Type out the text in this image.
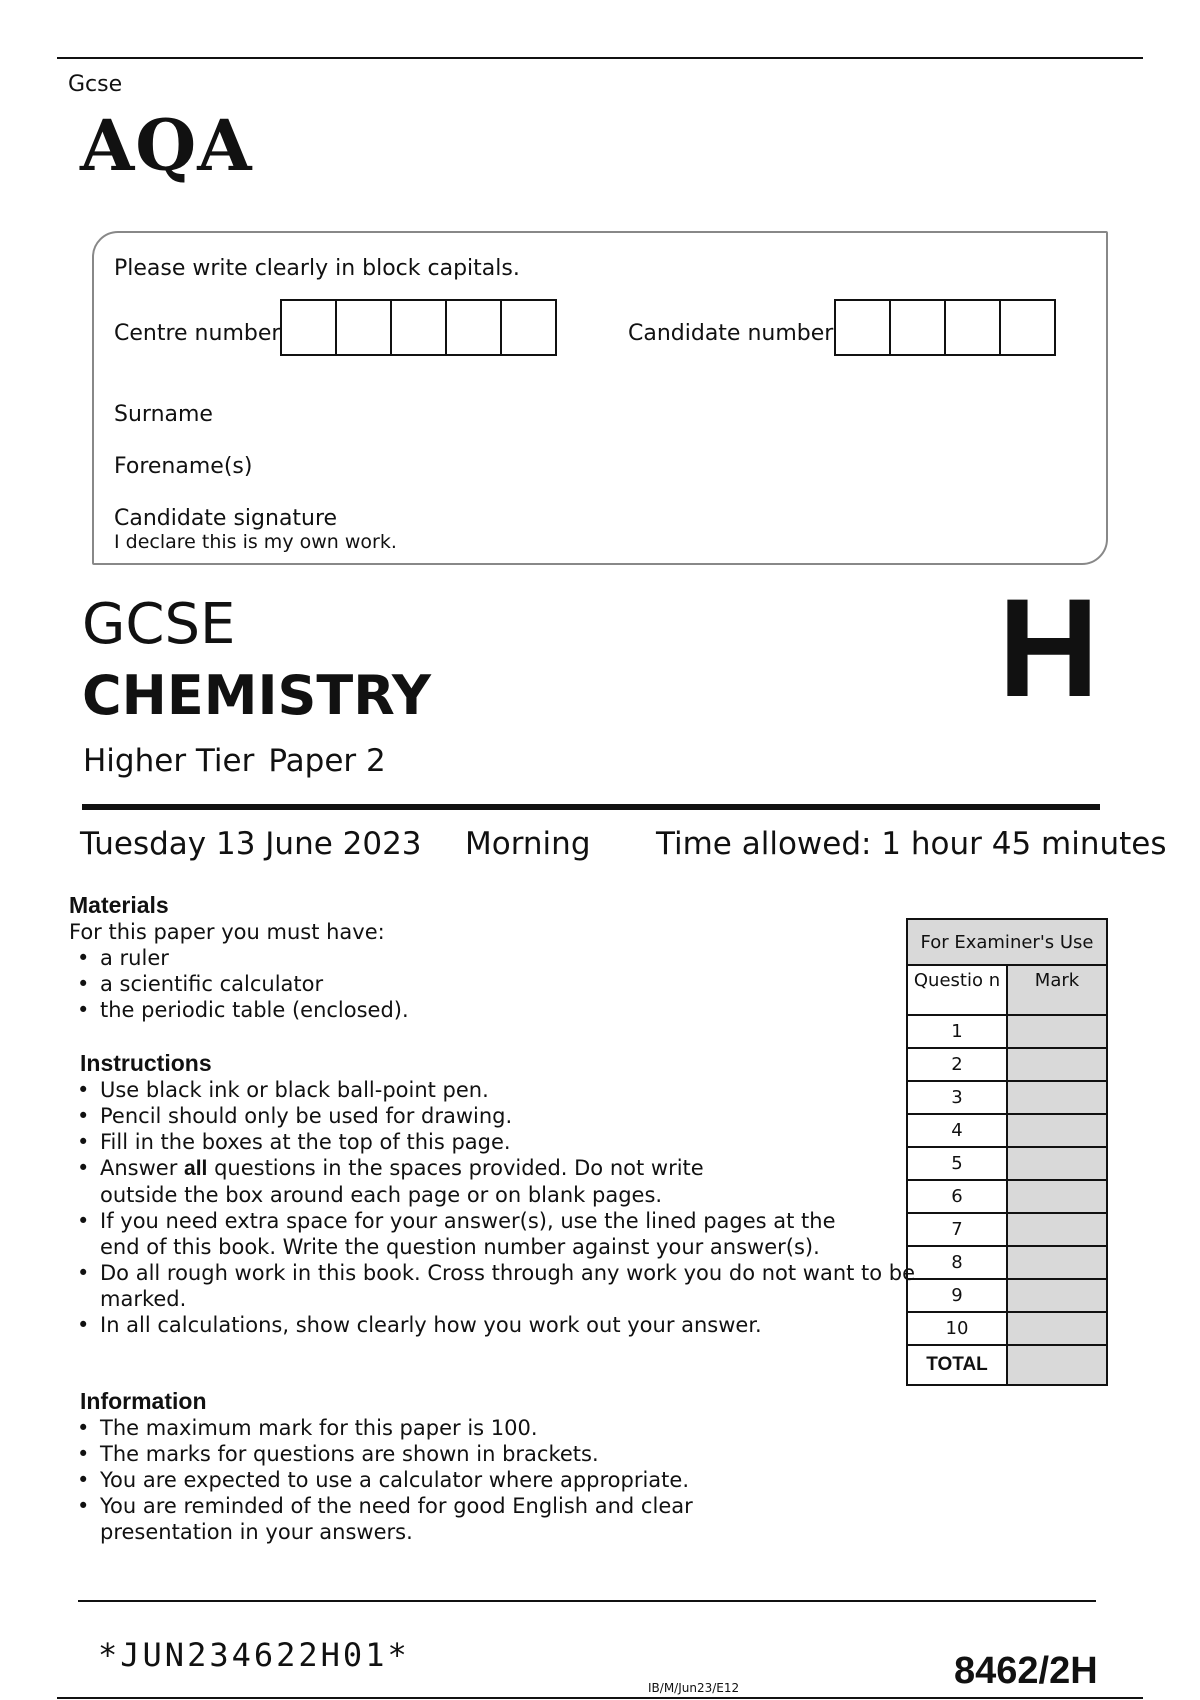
Gcse
AQA
Please write clearly in block capitals.
Centre number	Candidate number
Surname
Forename(s)
Candidate signature
I declare this is my own work.
GCSE
CHEMISTRY
Higher Tier Paper 2
H
Tuesday 13 June 2023 Morning Time allowed: 1 hour 45 minutes
Materials
For this paper you must have:
• a ruler
• a scientific calculator
• the periodic table (enclosed).
Instructions
• Use black ink or black ball-point pen.
• Pencil should only be used for drawing.
• Fill in the boxes at the top of this page.
• Answer all questions in the spaces provided. Do not write outside the box around each page or on blank pages.
• If you need extra space for your answer(s), use the lined pages at the end of this book. Write the question number against your answer(s).
• Do all rough work in this book. Cross through any work you do not want to be marked.
• In all calculations, show clearly how you work out your answer.
Information
• The maximum mark for this paper is 100.
• The marks for questions are shown in brackets.
• You are expected to use a calculator where appropriate.
• You are reminded of the need for good English and clear presentation in your answers.
For Examiner's Use	
Questio n	Mark
1	
2	
3	
4	
5	
6	
7	
8	
9	
10	
TOTAL	
*JUN234622H01*
IB/M/Jun23/E12	8462/2H
